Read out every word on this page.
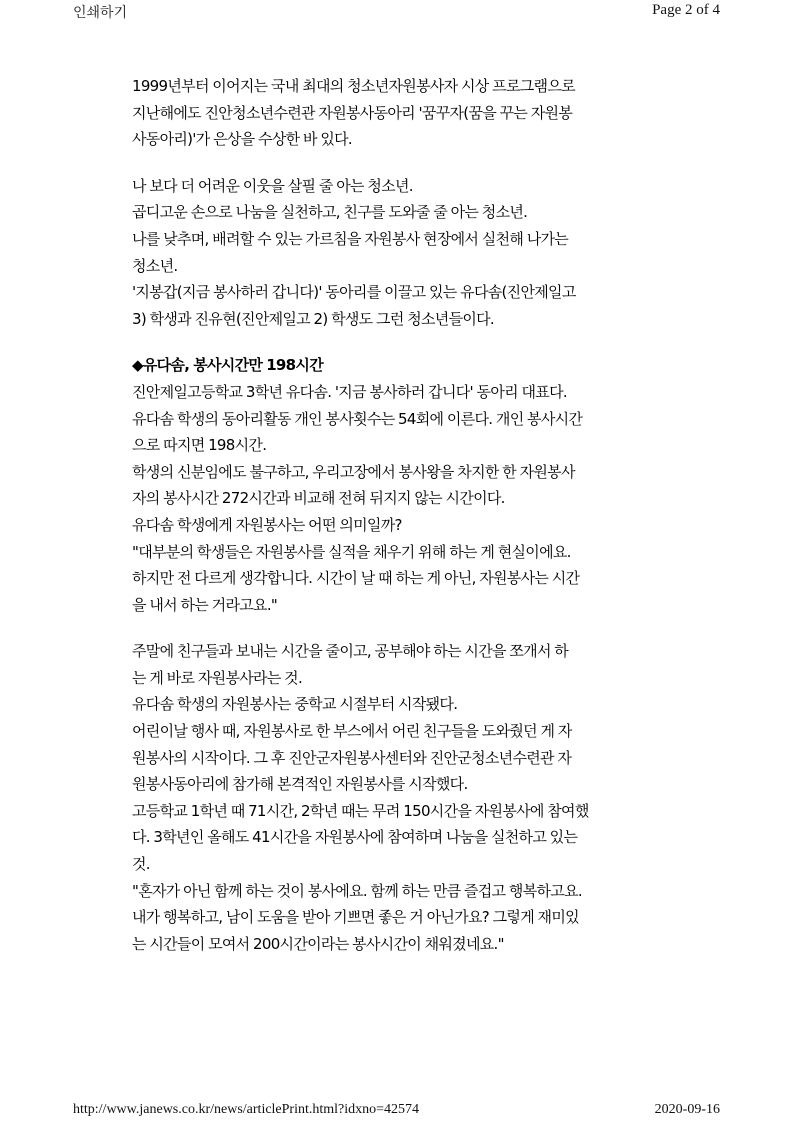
인쇄하기	Page 2 of 4
1999년부터 이어지는 국내 최대의 청소년자원봉사자 시상 프로그램으로
지난해에도 진안청소년수련관 자원봉사동아리 '꿈꾸자(꿈을 꾸는 자원봉
사동아리)'가 은상을 수상한 바 있다.
나 보다 더 어려운 이웃을 살필 줄 아는 청소년.
곱디고운 손으로 나눔을 실천하고, 친구를 도와줄 줄 아는 청소년.
나를 낮추며, 배려할 수 있는 가르침을 자원봉사 현장에서 실천해 나가는
청소년.
'지봉갑(지금 봉사하러 갑니다)' 동아리를 이끌고 있는 유다솜(진안제일고
3) 학생과 진유현(진안제일고 2) 학생도 그런 청소년들이다.
◆유다솜, 봉사시간만 198시간
진안제일고등학교 3학년 유다솜. '지금 봉사하러 갑니다' 동아리 대표다.
유다솜 학생의 동아리활동 개인 봉사횟수는 54회에 이른다. 개인 봉사시간
으로 따지면 198시간.
학생의 신분임에도 불구하고, 우리고장에서 봉사왕을 차지한 한 자원봉사
자의 봉사시간 272시간과 비교해 전혀 뒤지지 않는 시간이다.
유다솜 학생에게 자원봉사는 어떤 의미일까?
"대부분의 학생들은 자원봉사를 실적을 채우기 위해 하는 게 현실이에요.
하지만 전 다르게 생각합니다. 시간이 날 때 하는 게 아닌, 자원봉사는 시간
을 내서 하는 거라고요."
주말에 친구들과 보내는 시간을 줄이고, 공부해야 하는 시간을 쪼개서 하
는 게 바로 자원봉사라는 것.
유다솜 학생의 자원봉사는 중학교 시절부터 시작됐다.
어린이날 행사 때, 자원봉사로 한 부스에서 어린 친구들을 도와줬던 게 자
원봉사의 시작이다. 그 후 진안군자원봉사센터와 진안군청소년수련관 자
원봉사동아리에 참가해 본격적인 자원봉사를 시작했다.
고등학교 1학년 때 71시간, 2학년 때는 무려 150시간을 자원봉사에 참여했
다. 3학년인 올해도 41시간을 자원봉사에 참여하며 나눔을 실천하고 있는
것.
"혼자가 아닌 함께 하는 것이 봉사에요. 함께 하는 만큼 즐겁고 행복하고요.
내가 행복하고, 남이 도움을 받아 기쁘면 좋은 거 아닌가요? 그렇게 재미있
는 시간들이 모여서 200시간이라는 봉사시간이 채워졌네요."
http://www.janews.co.kr/news/articlePrint.html?idxno=42574	2020-09-16
